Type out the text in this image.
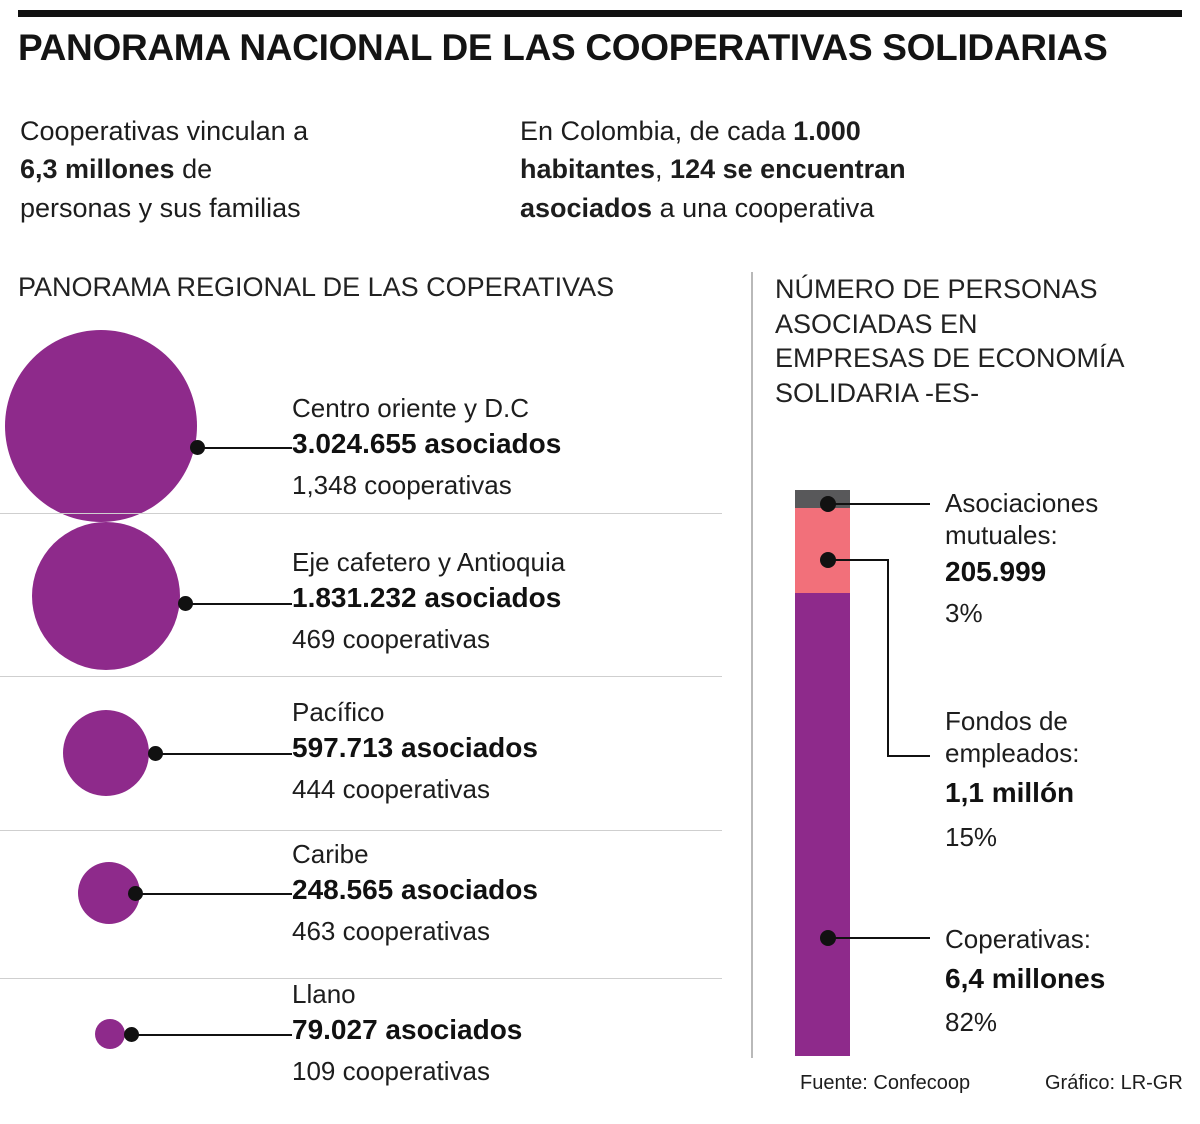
PANORAMA NACIONAL DE LAS COOPERATIVAS SOLIDARIAS
Cooperativas vinculan a
6,3 millones de
personas y sus familias
En Colombia, de cada 1.000
habitantes, 124 se encuentran
asociados a una cooperativa
PANORAMA REGIONAL DE LAS COPERATIVAS	NÚMERO DE PERSONAS
ASOCIADAS EN
EMPRESAS DE ECONOMÍA
SOLIDARIA -ES-
Centro oriente y D.C
3.024.655 asociados
1,348 cooperativas
Eje cafetero y Antioquia
1.831.232 asociados
469 cooperativas
Pacífico
597.713 asociados
444 cooperativas
Caribe
248.565 asociados
463 cooperativas
Llano
79.027 asociados
109 cooperativas
Asociaciones
mutuales:
205.999
3%
Fondos de
empleados:
1,1 millón
15%
Coperativas:
6,4 millones
82%
Fuente: Confecoop	Gráfico: LR-GR
